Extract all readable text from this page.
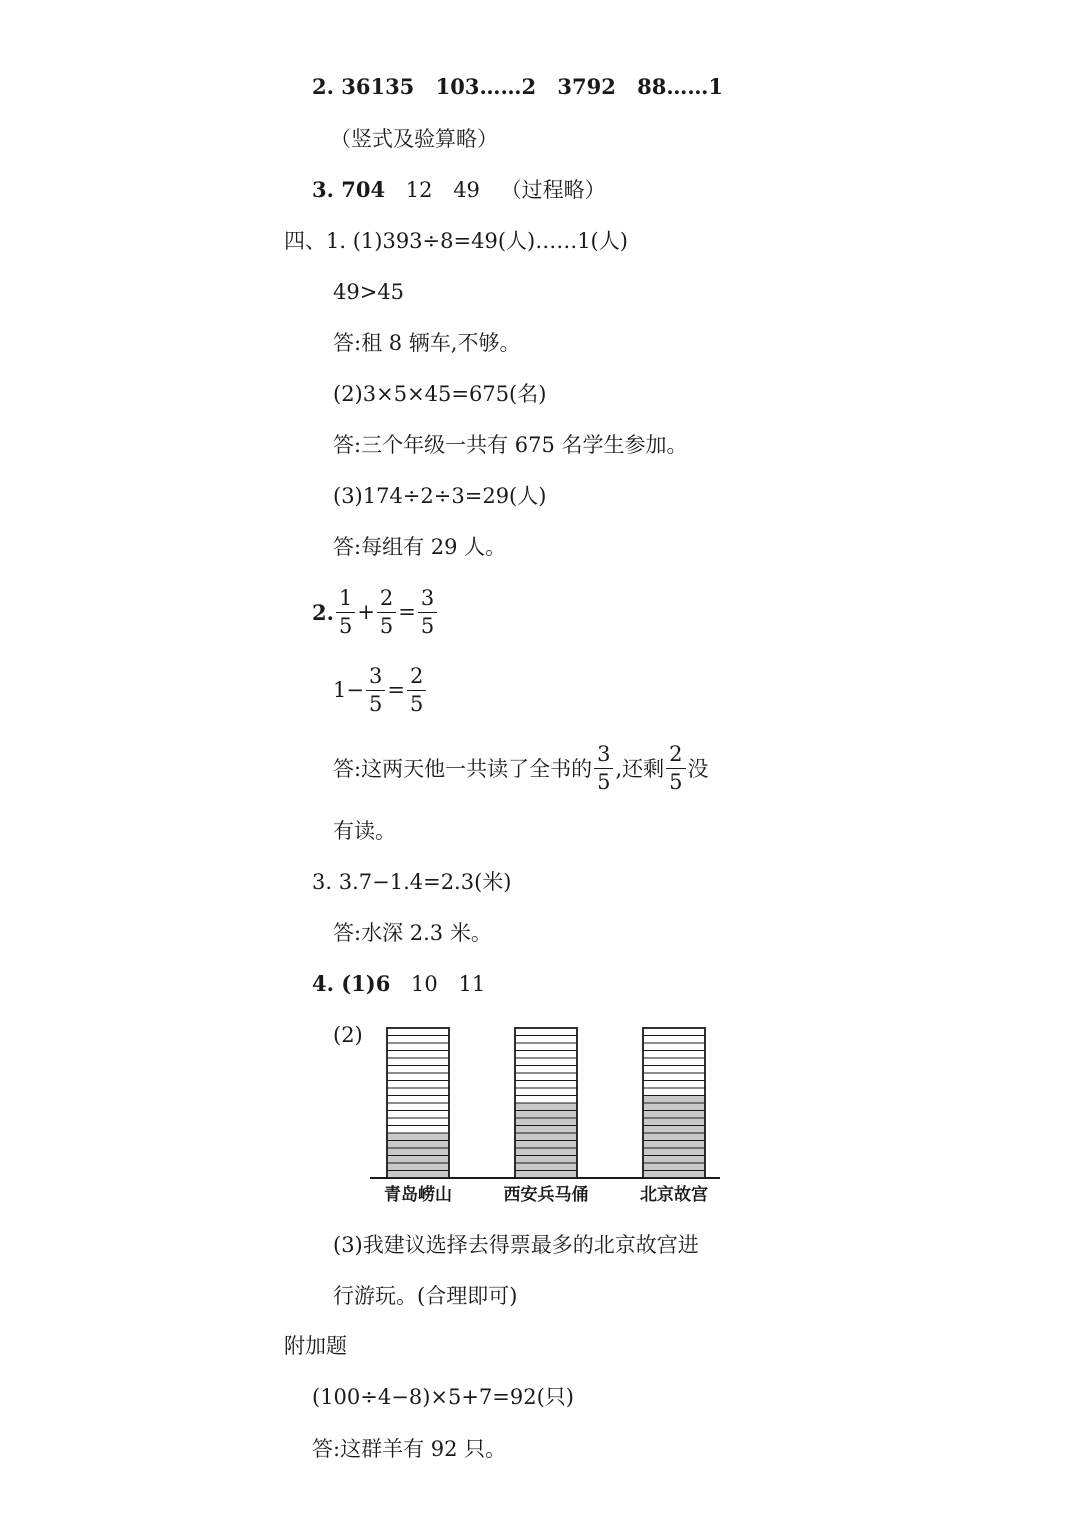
2. 36135 103……2 3792 88……1
（竖式及验算略）
3. 704 12 49 （过程略）
四、1. (1)393÷8=49(人)……1(人)
49>45
答:租 8 辆车,不够。
(2)3×5×45=675(名)
答:三个年级一共有 675 名学生参加。
(3)174÷2÷3=29(人)
答:每组有 29 人。
2. $\frac{1}{5} + \frac{2}{5} = \frac{3}{5}$
$1- \frac{3}{5} = \frac{2}{5}$
答:这两天他一共读了全书的 $\frac{3}{5}$ ,还剩 $\frac{2}{5}$ 没
有读。
3. 3.7−1.4=2.3(米)
答:水深 2.3 米。
4. (1)6 10 11
(2)
青岛崂山	西安兵马俑	北京故宫
(3)我建议选择去得票最多的北京故宫进
行游玩。(合理即可)
附加题
(100÷4−8)×5+7=92(只)
答:这群羊有 92 只。
